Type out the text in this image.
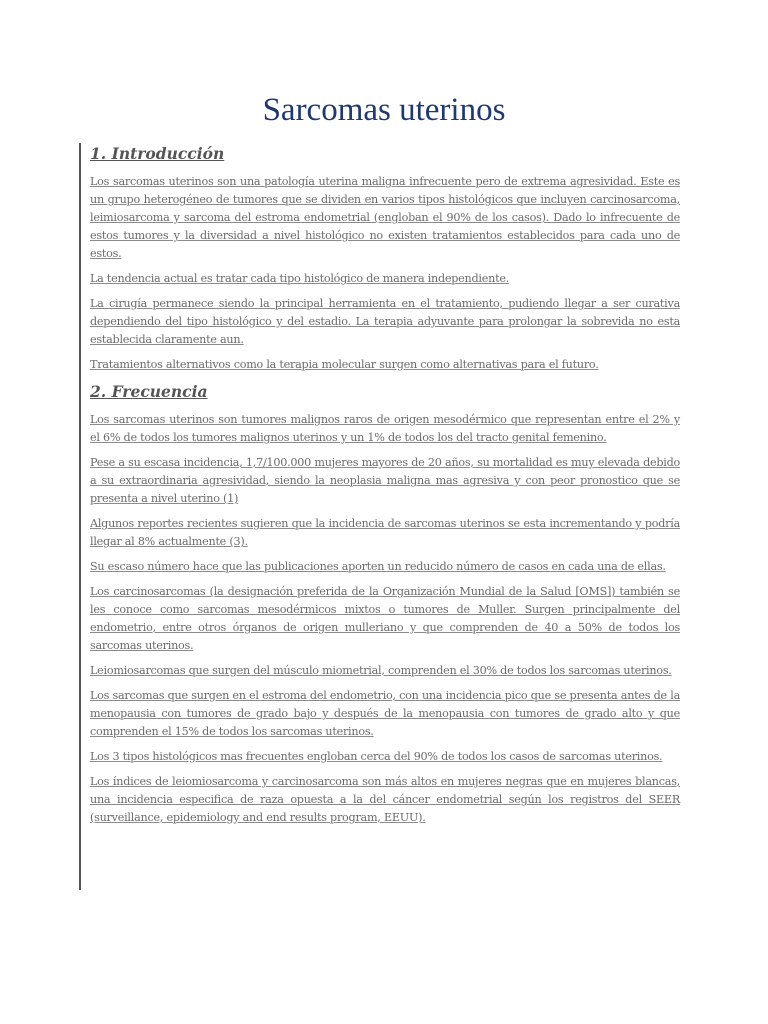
Sarcomas uterinos
1. Introducción

Los sarcomas uterinos son una patología uterina maligna infrecuente pero de extrema agresividad. Este es un grupo heterogéneo de tumores que se dividen en varios tipos histológicos que incluyen carcinosarcoma, leimiosarcoma y sarcoma del estroma endometrial (engloban el 90% de los casos). Dado lo infrecuente de estos tumores y la diversidad a nivel histológico no existen tratamientos establecidos para cada uno de estos.

La tendencia actual es tratar cada tipo histológico de manera independiente.

La cirugía permanece siendo la principal herramienta en el tratamiento, pudiendo llegar a ser curativa dependiendo del tipo histológico y del estadio. La terapia adyuvante para prolongar la sobrevida no esta establecida claramente aun.

Tratamientos alternativos como la terapia molecular surgen como alternativas para el futuro.

2. Frecuencia

Los sarcomas uterinos son tumores malignos raros de origen mesodérmico que representan entre el 2% y el 6% de todos los tumores malignos uterinos y un 1% de todos los del tracto genital femenino.

Pese a su escasa incidencia, 1,7/100.000 mujeres mayores de 20 años, su mortalidad es muy elevada debido a su extraordinaria agresividad, siendo la neoplasia maligna mas agresiva y con peor pronostico que se presenta a nivel uterino (1)

Algunos reportes recientes sugieren que la incidencia de sarcomas uterinos se esta incrementando y podría llegar al 8% actualmente (3).

Su escaso número hace que las publicaciones aporten un reducido número de casos en cada una de ellas.

Los carcinosarcomas (la designación preferida de la Organización Mundial de la Salud [OMS]) también se les conoce como sarcomas mesodérmicos mixtos o tumores de Muller. Surgen principalmente del endometrio, entre otros órganos de origen mulleriano y que comprenden de 40 a 50% de todos los sarcomas uterinos.

Leiomiosarcomas que surgen del músculo miometrial, comprenden el 30% de todos los sarcomas uterinos.

Los sarcomas que surgen en el estroma del endometrio, con una incidencia pico que se presenta antes de la menopausia con tumores de grado bajo y después de la menopausia con tumores de grado alto y que comprenden el 15% de todos los sarcomas uterinos.

Los 3 tipos histológicos mas frecuentes engloban cerca del 90% de todos los casos de sarcomas uterinos.

Los índices de leiomiosarcoma y carcinosarcoma son más altos en mujeres negras que en mujeres blancas, una incidencia especifica de raza opuesta a la del cáncer endometrial según los registros del SEER (surveillance, epidemiology and end results program, EEUU).
